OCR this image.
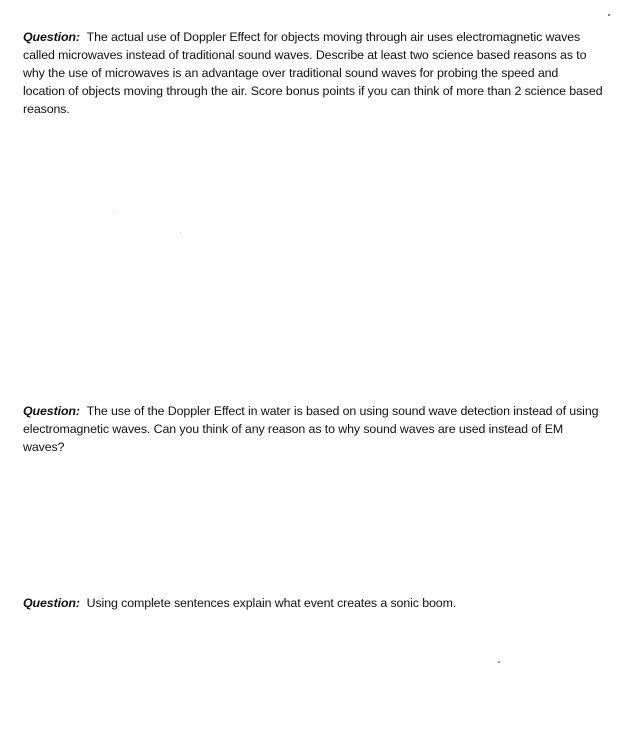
Question:  The actual use of Doppler Effect for objects moving through air uses electromagnetic waves called microwaves instead of traditional sound waves. Describe at least two science based reasons as to why the use of microwaves is an advantage over traditional sound waves for probing the speed and location of objects moving through the air. Score bonus points if you can think of more than 2 science based reasons.
Question:  The use of the Doppler Effect in water is based on using sound wave detection instead of using electromagnetic waves. Can you think of any reason as to why sound waves are used instead of EM waves?
Question:  Using complete sentences explain what event creates a sonic boom.
